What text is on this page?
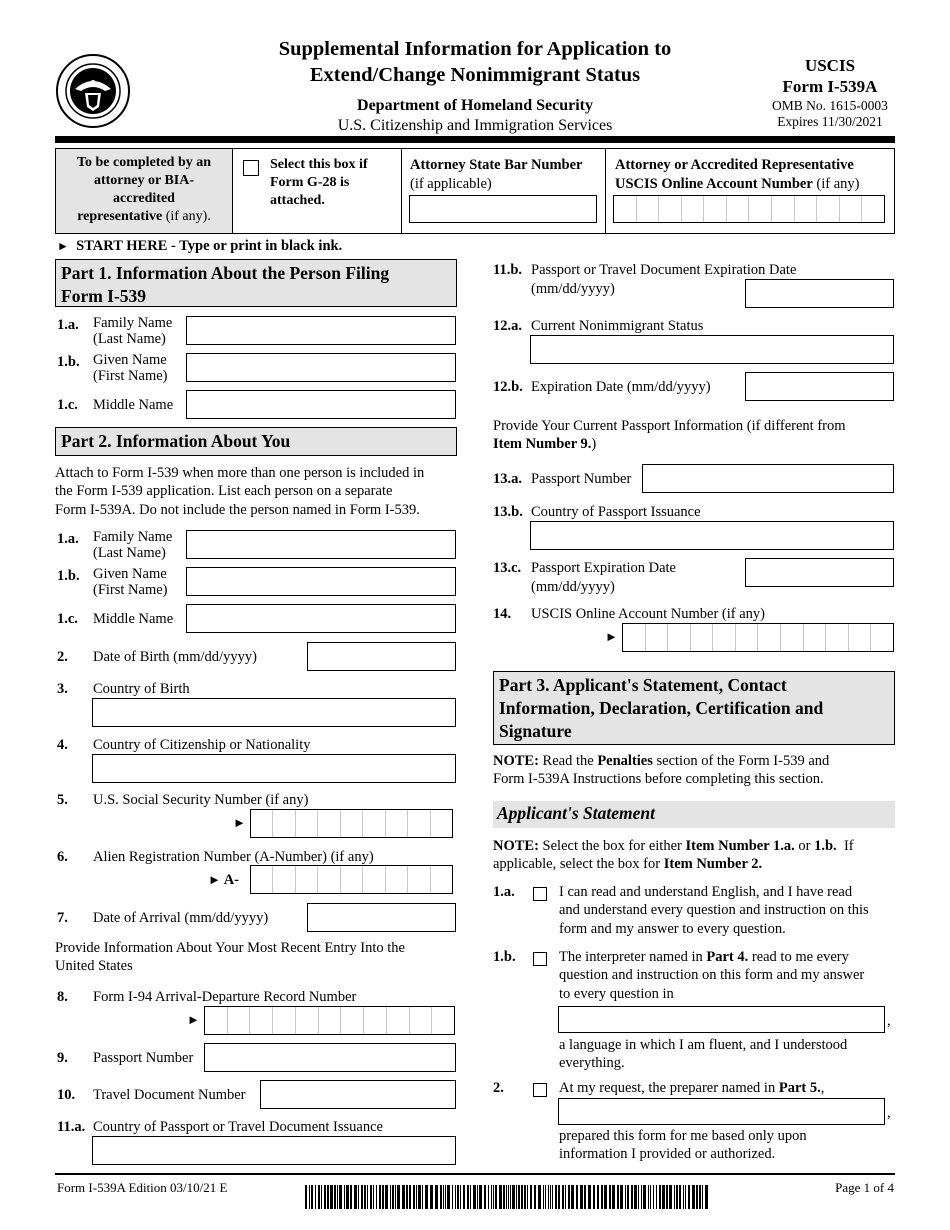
Supplemental Information for Application to
Extend/Change Nonimmigrant Status
Department of Homeland Security
U.S. Citizenship and Immigration Services
USCIS
Form I-539A
OMB No. 1615-0003
Expires 11/30/2021
To be completed by an
attorney or BIA-
accredited
representative (if any).
Select this box if
Form G-28 is
attached.
Attorney State Bar Number
(if applicable)
Attorney or Accredited Representative
USCIS Online Account Number (if any)
► START HERE - Type or print in black ink.
Part 1. Information About the Person Filing
Form I-539
1.a. Family Name
(Last Name)
1.b. Given Name
(First Name)
1.c. Middle Name
Part 2. Information About You
Attach to Form I-539 when more than one person is included in
the Form I-539 application. List each person on a separate
Form I-539A. Do not include the person named in Form I-539.
1.a. Family Name
(Last Name)
1.b. Given Name
(First Name)
1.c. Middle Name
2. Date of Birth (mm/dd/yyyy)
3. Country of Birth
4. Country of Citizenship or Nationality
5. U.S. Social Security Number (if any)
►
6. Alien Registration Number (A-Number) (if any)
► A-
7. Date of Arrival (mm/dd/yyyy)
Provide Information About Your Most Recent Entry Into the
United States
8. Form I-94 Arrival-Departure Record Number
►
9. Passport Number
10. Travel Document Number
11.a. Country of Passport or Travel Document Issuance
11.b. Passport or Travel Document Expiration Date
(mm/dd/yyyy)
12.a. Current Nonimmigrant Status
12.b. Expiration Date (mm/dd/yyyy)
Provide Your Current Passport Information (if different from
Item Number 9.)
13.a. Passport Number
13.b. Country of Passport Issuance
13.c. Passport Expiration Date
(mm/dd/yyyy)
14. USCIS Online Account Number (if any)
►
Part 3. Applicant's Statement, Contact
Information, Declaration, Certification and
Signature
NOTE: Read the Penalties section of the Form I-539 and
Form I-539A Instructions before completing this section.
Applicant's Statement
NOTE: Select the box for either Item Number 1.a. or 1.b. If
applicable, select the box for Item Number 2.
1.a.	I can read and understand English, and I have read
and understand every question and instruction on this
form and my answer to every question.
1.b.	The interpreter named in Part 4. read to me every
question and instruction on this form and my answer
to every question in
,
a language in which I am fluent, and I understood
everything.
2.	At my request, the preparer named in Part 5.,
,
prepared this form for me based only upon
information I provided or authorized.
Form I-539A Edition 03/10/21 E	Page 1 of 4
